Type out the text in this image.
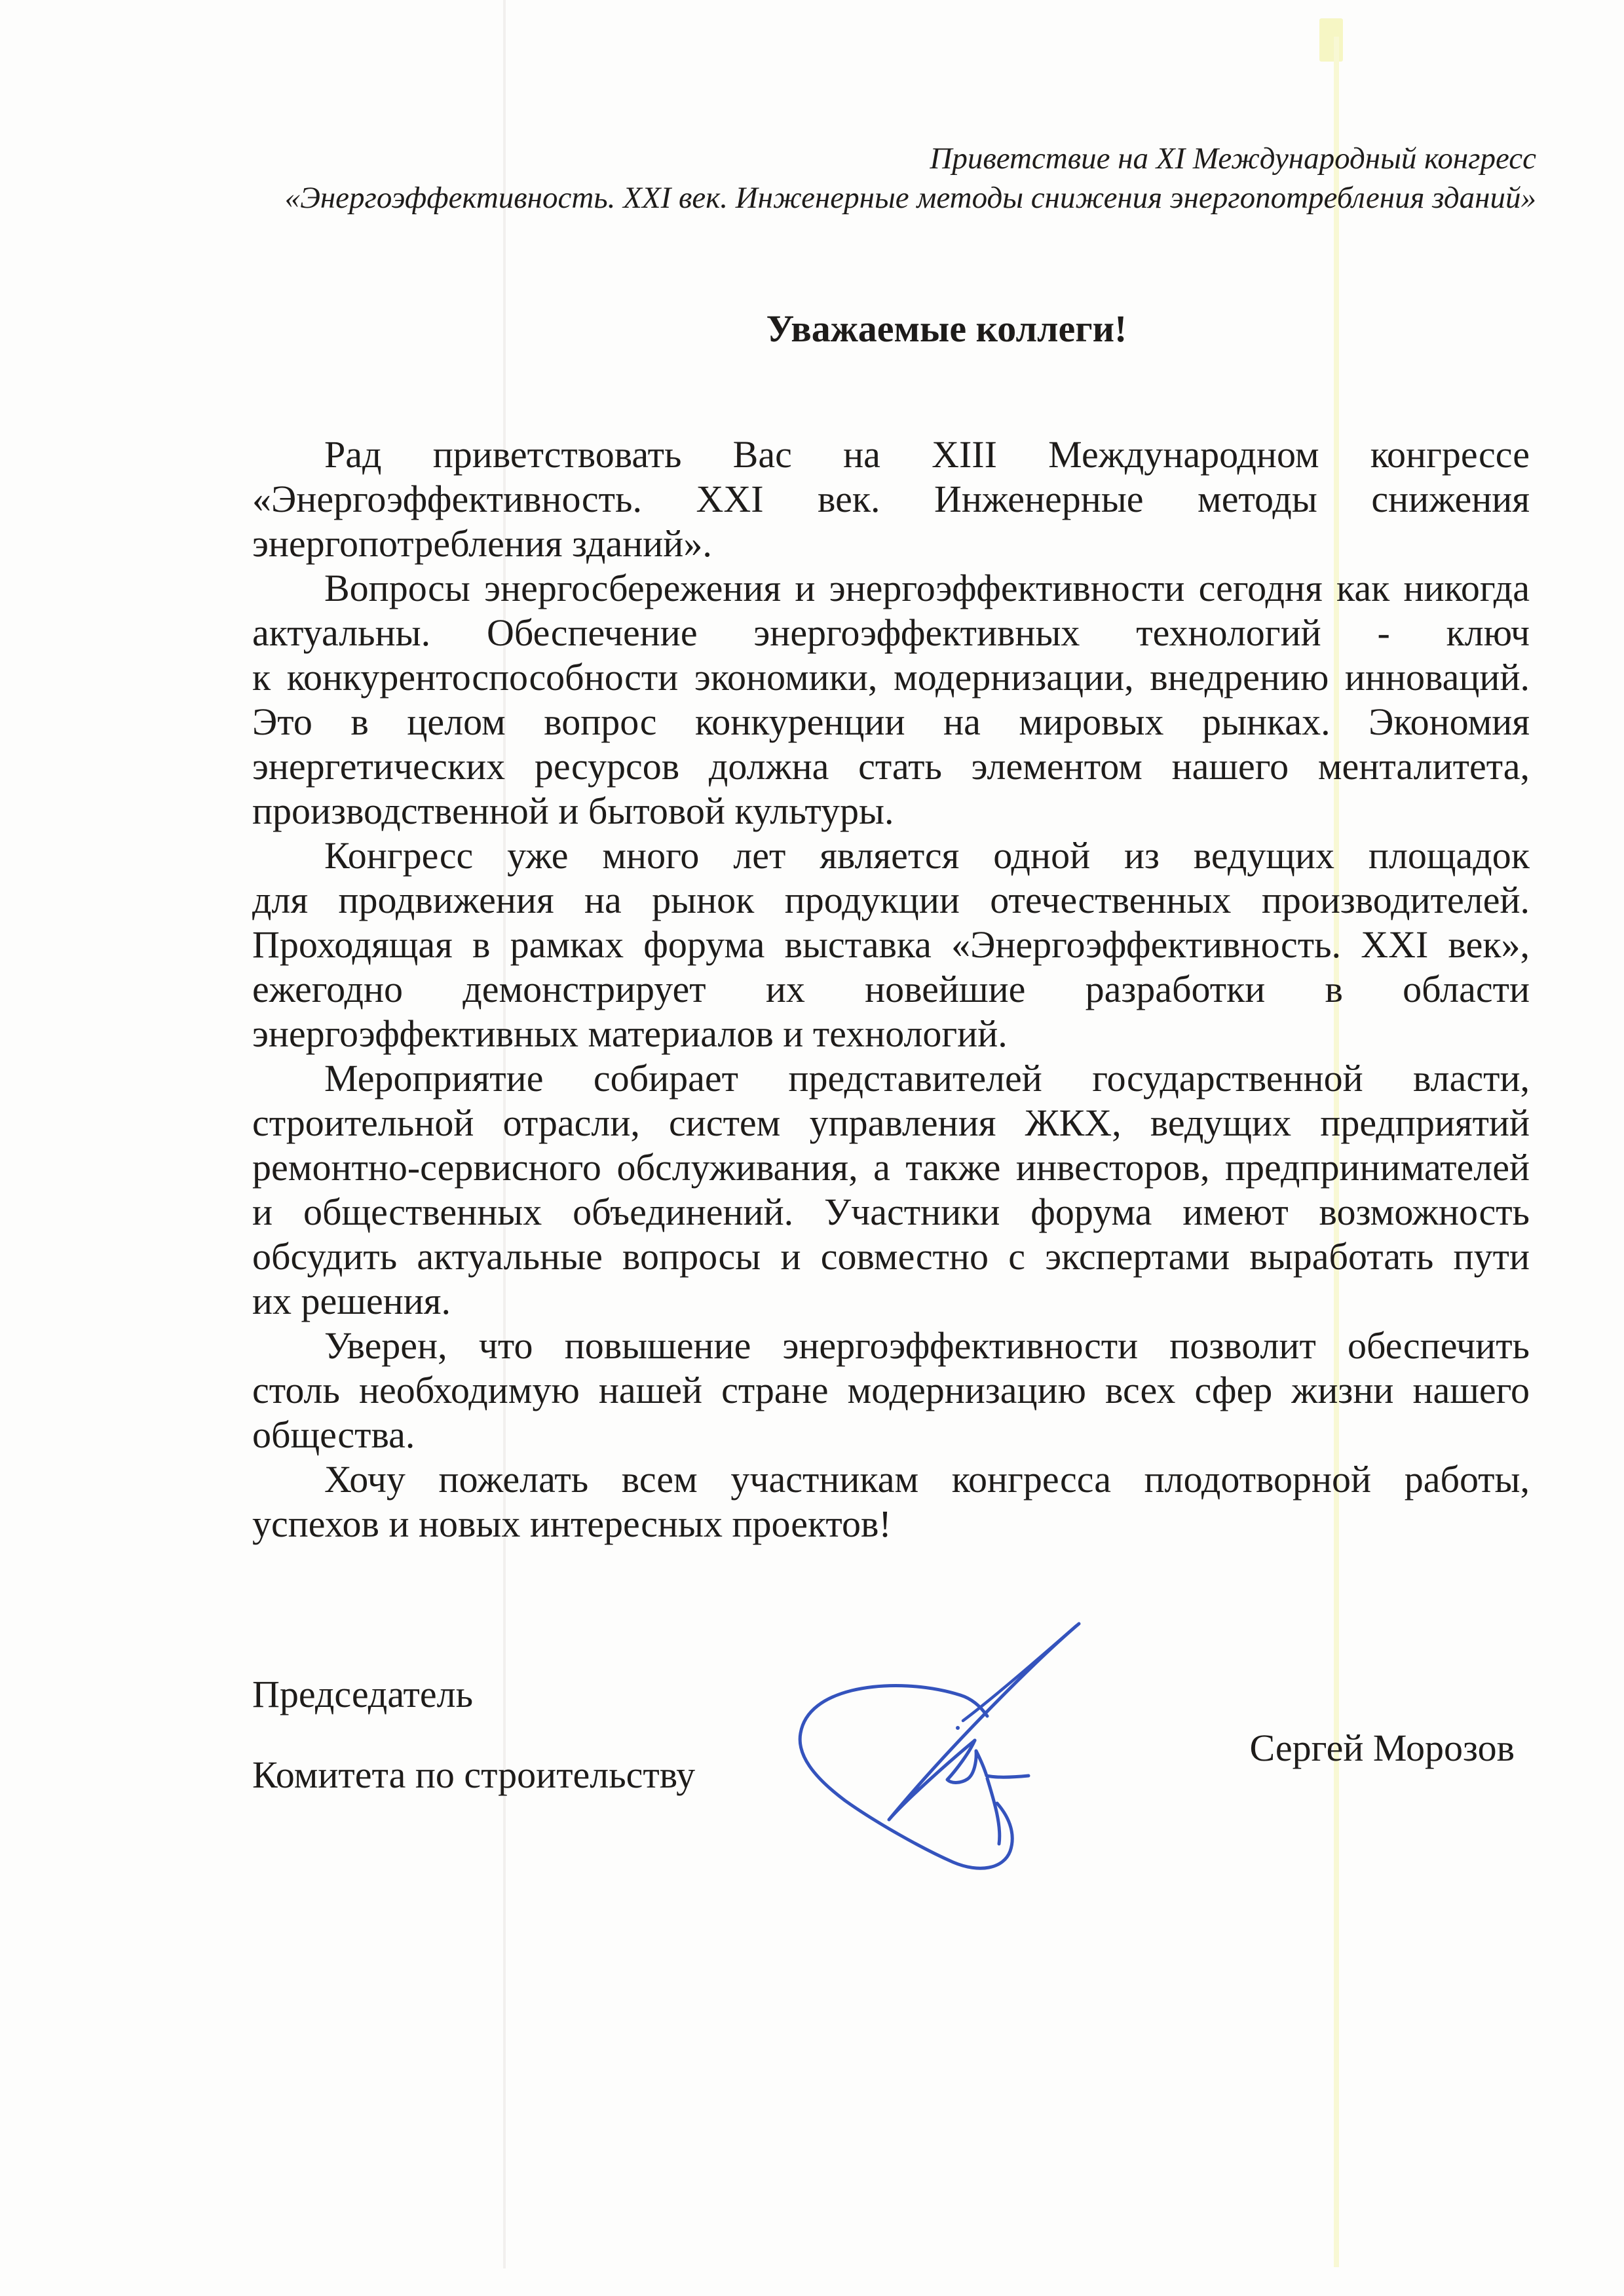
Приветствие на XI Международный конгресс
«Энергоэффективность. XXI век. Инженерные методы снижения энергопотребления зданий»
Уважаемые коллеги!
Рад приветствовать Вас на XIII Международном конгрессе
«Энергоэффективность. XXI век. Инженерные методы снижения
энергопотребления зданий».
Вопросы энергосбережения и энергоэффективности сегодня как никогда
актуальны. Обеспечение энергоэффективных технологий - ключ
к конкурентоспособности экономики, модернизации, внедрению инноваций.
Это в целом вопрос конкуренции на мировых рынках. Экономия
энергетических ресурсов должна стать элементом нашего менталитета,
производственной и бытовой культуры.
Конгресс уже много лет является одной из ведущих площадок
для продвижения на рынок продукции отечественных производителей.
Проходящая в рамках форума выставка «Энергоэффективность. XXI век»,
ежегодно демонстрирует их новейшие разработки в области
энергоэффективных материалов и технологий.
Мероприятие собирает представителей государственной власти,
строительной отрасли, систем управления ЖКХ, ведущих предприятий
ремонтно-сервисного обслуживания, а также инвесторов, предпринимателей
и общественных объединений. Участники форума имеют возможность
обсудить актуальные вопросы и совместно с экспертами выработать пути
их решения.
Уверен, что повышение энергоэффективности позволит обеспечить
столь необходимую нашей стране модернизацию всех сфер жизни нашего
общества.
Хочу пожелать всем участникам конгресса плодотворной работы,
успехов и новых интересных проектов!
Председатель
Комитета по строительству
Сергей Морозов
